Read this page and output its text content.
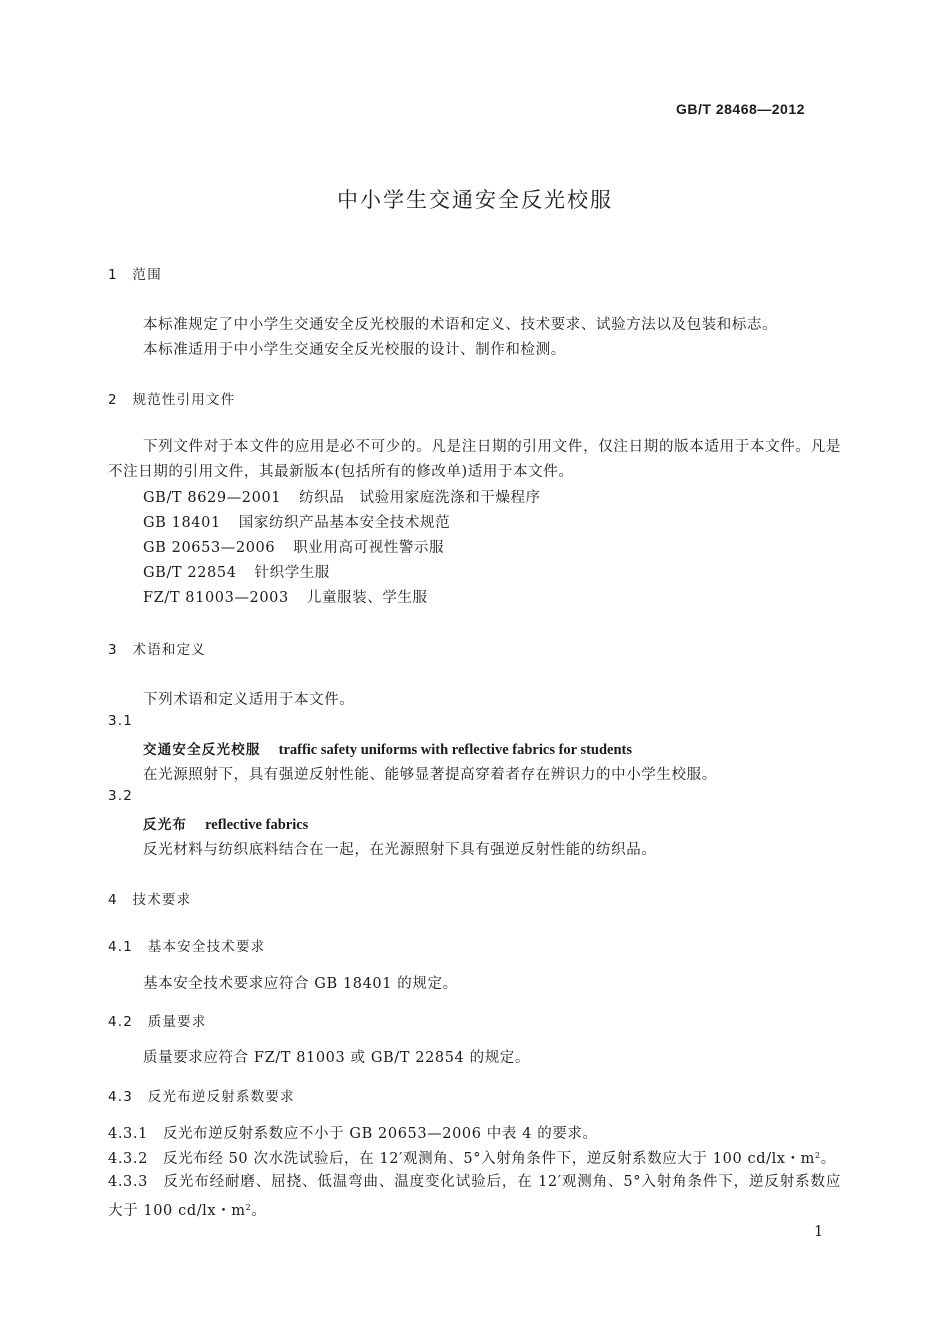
GB/T 28468—2012
中小学生交通安全反光校服
1　范围
本标准规定了中小学生交通安全反光校服的术语和定义、技术要求、试验方法以及包装和标志。
本标准适用于中小学生交通安全反光校服的设计、制作和检测。
2　规范性引用文件
下列文件对于本文件的应用是必不可少的。凡是注日期的引用文件，仅注日期的版本适用于本文件。凡是不注日期的引用文件，其最新版本(包括所有的修改单)适用于本文件。
GB/T 8629—2001 纺织品　试验用家庭洗涤和干燥程序
GB 18401 国家纺织产品基本安全技术规范
GB 20653—2006 职业用高可视性警示服
GB/T 22854 针织学生服
FZ/T 81003—2003 儿童服装、学生服
3　术语和定义
下列术语和定义适用于本文件。
3.1
交通安全反光校服 traffic safety uniforms with reflective fabrics for students
在光源照射下，具有强逆反射性能、能够显著提高穿着者存在辨识力的中小学生校服。
3.2
反光布 reflective fabrics
反光材料与纺织底料结合在一起，在光源照射下具有强逆反射性能的纺织品。
4　技术要求
4.1　基本安全技术要求
基本安全技术要求应符合 GB 18401 的规定。
4.2　质量要求
质量要求应符合 FZ/T 81003 或 GB/T 22854 的规定。
4.3　反光布逆反射系数要求
4.3.1　反光布逆反射系数应不小于 GB 20653—2006 中表 4 的要求。
4.3.2　反光布经 50 次水洗试验后，在 12′观测角、5°入射角条件下，逆反射系数应大于 100 cd/lx・$m^2$。
4.3.3　反光布经耐磨、屈挠、低温弯曲、温度变化试验后，在 12′观测角、5°入射角条件下，逆反射系数应大于 100 cd/lx・$m^2$。
1
